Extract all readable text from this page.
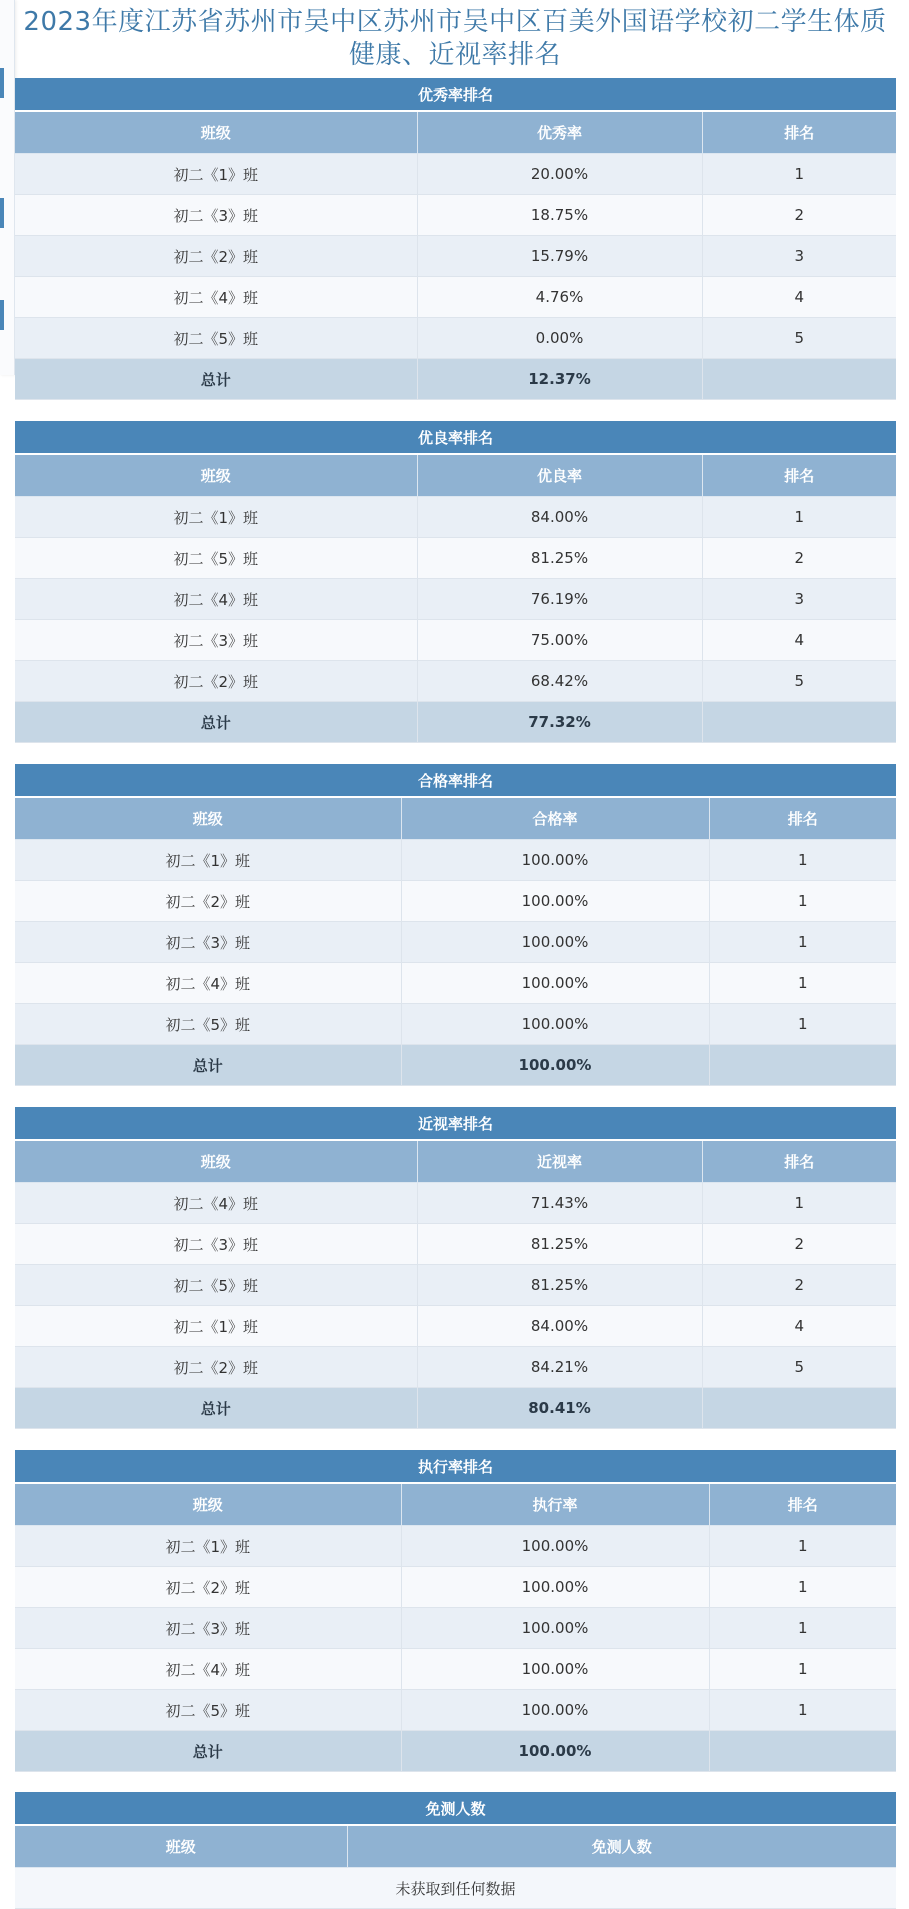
2023年度江苏省苏州市吴中区苏州市吴中区百美外国语学校初二学生体质健康、近视率排名
优秀率排名
班级	优秀率	排名
初二《1》班	20.00%	1
初二《3》班	18.75%	2
初二《2》班	15.79%	3
初二《4》班	4.76%	4
初二《5》班	0.00%	5
总计	12.37%	
优良率排名
班级	优良率	排名
初二《1》班	84.00%	1
初二《5》班	81.25%	2
初二《4》班	76.19%	3
初二《3》班	75.00%	4
初二《2》班	68.42%	5
总计	77.32%	
合格率排名
班级	合格率	排名
初二《1》班	100.00%	1
初二《2》班	100.00%	1
初二《3》班	100.00%	1
初二《4》班	100.00%	1
初二《5》班	100.00%	1
总计	100.00%	
近视率排名
班级	近视率	排名
初二《4》班	71.43%	1
初二《3》班	81.25%	2
初二《5》班	81.25%	2
初二《1》班	84.00%	4
初二《2》班	84.21%	5
总计	80.41%	
执行率排名
班级	执行率	排名
初二《1》班	100.00%	1
初二《2》班	100.00%	1
初二《3》班	100.00%	1
初二《4》班	100.00%	1
初二《5》班	100.00%	1
总计	100.00%	
免测人数
班级	免测人数
未获取到任何数据
